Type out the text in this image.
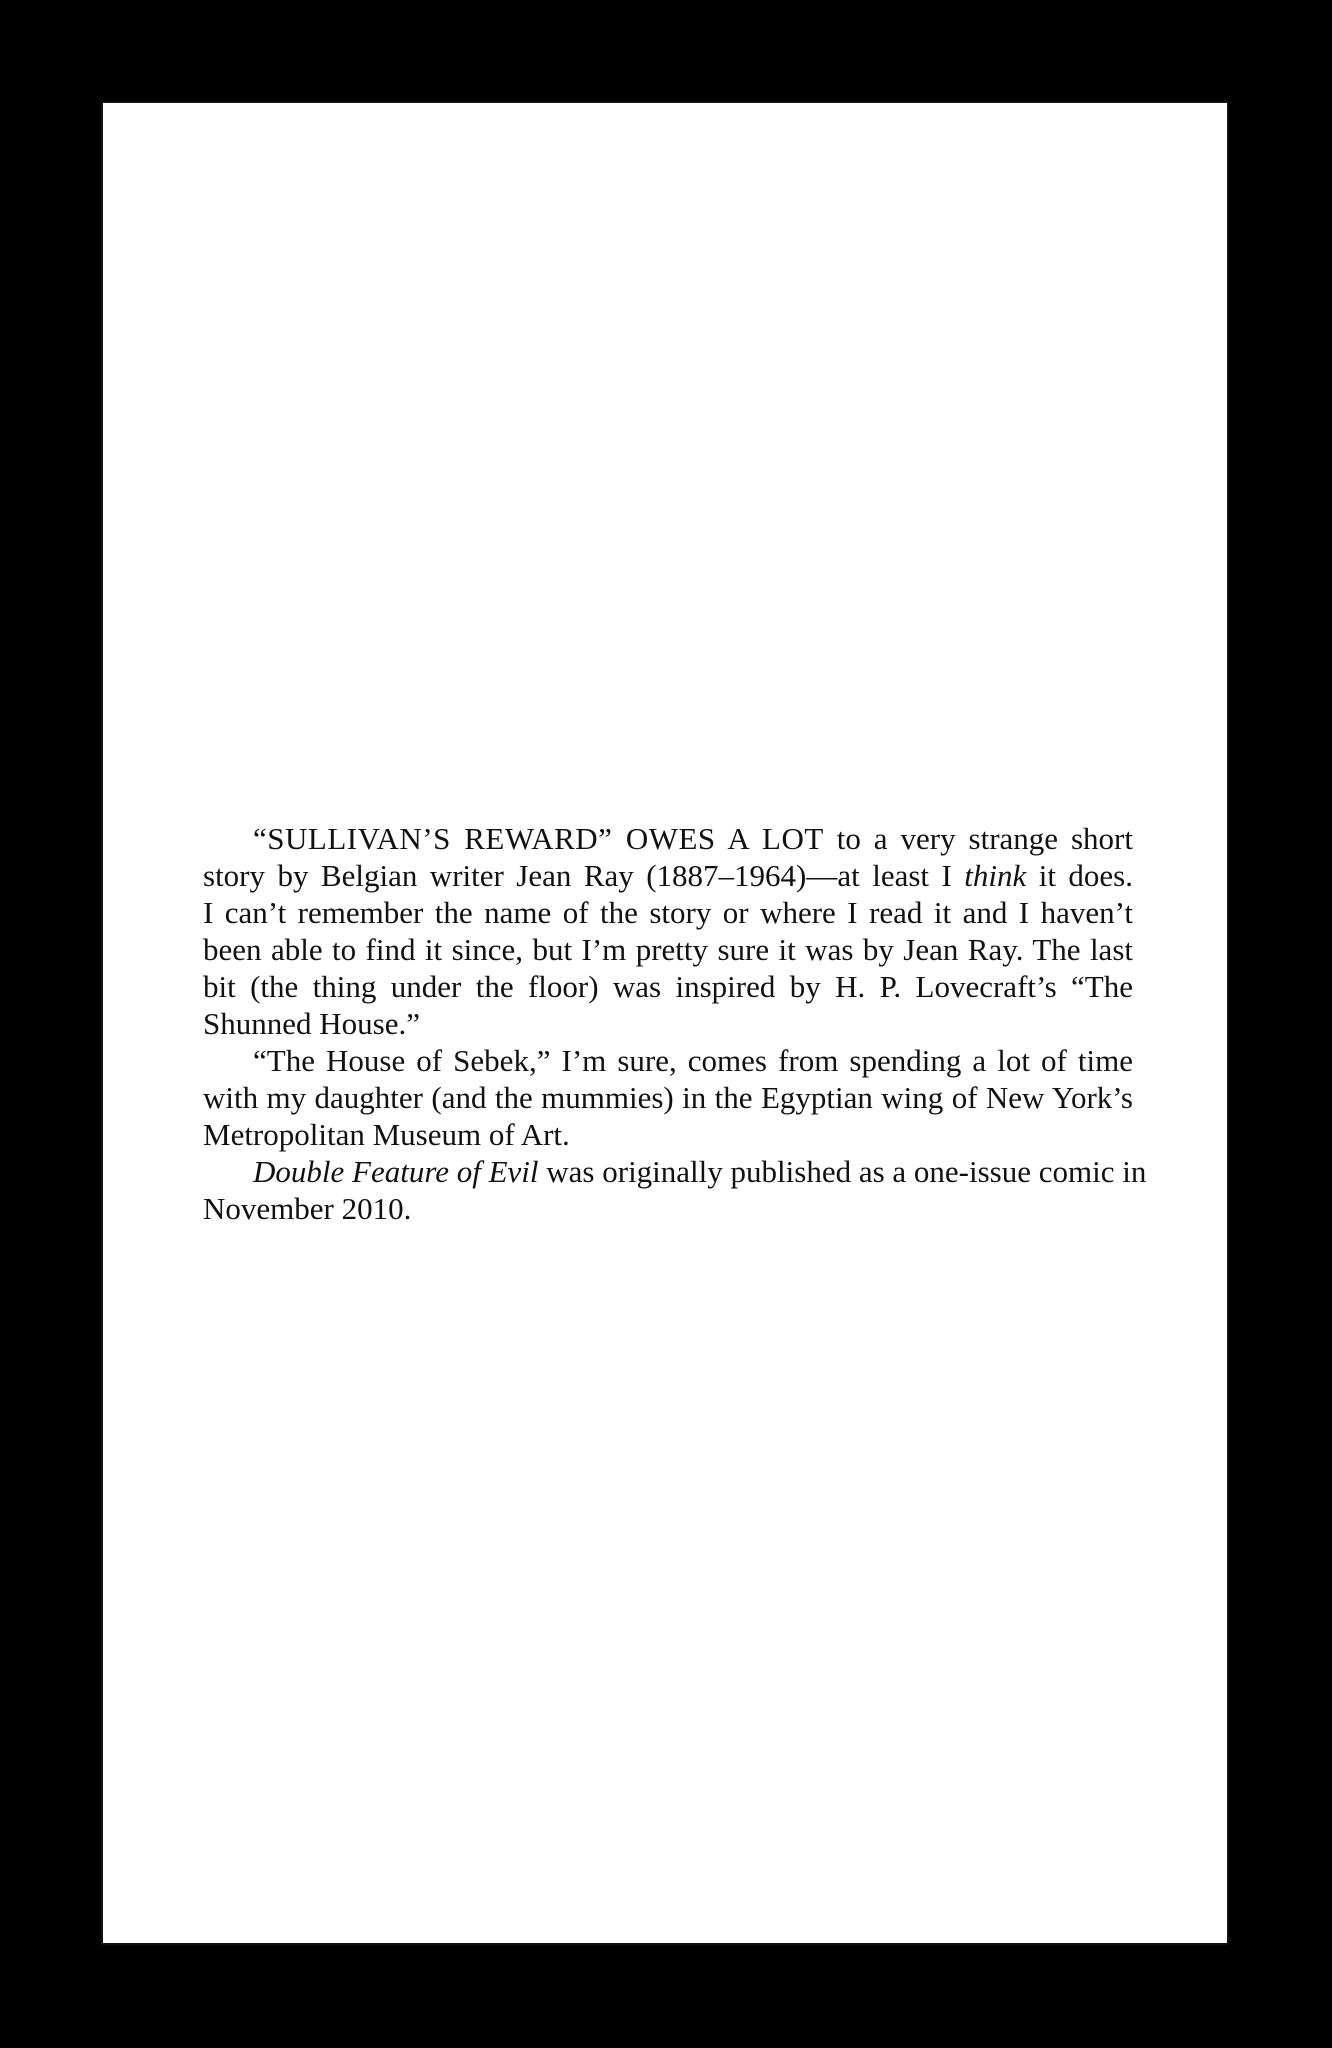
“SULLIVAN’S REWARD” OWES A LOT to a very strange short
story by Belgian writer Jean Ray (1887–1964)—at least I think it does.
I can’t remember the name of the story or where I read it and I haven’t
been able to find it since, but I’m pretty sure it was by Jean Ray. The last
bit (the thing under the floor) was inspired by H. P. Lovecraft’s “The
Shunned House.”
“The House of Sebek,” I’m sure, comes from spending a lot of time
with my daughter (and the mummies) in the Egyptian wing of New York’s
Metropolitan Museum of Art.
Double Feature of Evil was originally published as a one-issue comic in
November 2010.
